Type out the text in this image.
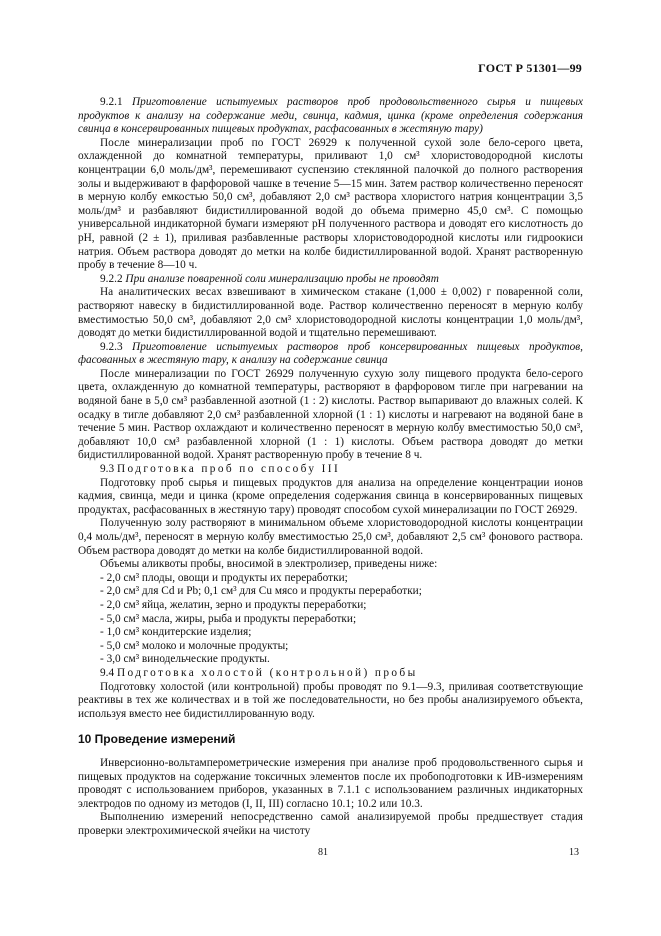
ГОСТ Р 51301—99

9.2.1 Приготовление испытуемых растворов проб продовольственного сырья и пищевых продуктов к анализу на содержание меди, свинца, кадмия, цинка (кроме определения содержания свинца в консервированных пищевых продуктах, расфасованных в жестяную тару)

После минерализации проб по ГОСТ 26929 к полученной сухой золе бело-серого цвета, охлажденной до комнатной температуры, приливают 1,0 см³ хлористоводородной кислоты концентрации 6,0 моль/дм³, перемешивают суспензию стеклянной палочкой до полного растворения золы и выдерживают в фарфоровой чашке в течение 5—15 мин. Затем раствор количественно переносят в мерную колбу емкостью 50,0 см³, добавляют 2,0 см³ раствора хлористого натрия концентрации 3,5 моль/дм³ и разбавляют бидистиллированной водой до объема примерно 45,0 см³. С помощью универсальной индикаторной бумаги измеряют pH полученного раствора и доводят его кислотность до pH, равной (2 ± 1), приливая разбавленные растворы хлористоводородной кислоты или гидроокиси натрия. Объем раствора доводят до метки на колбе бидистиллированной водой. Хранят растворенную пробу в течение 8—10 ч.

9.2.2 При анализе поваренной соли минерализацию пробы не проводят

На аналитических весах взвешивают в химическом стакане (1,000 ± 0,002) г поваренной соли, растворяют навеску в бидистиллированной воде. Раствор количественно переносят в мерную колбу вместимостью 50,0 см³, добавляют 2,0 см³ хлористоводородной кислоты концентрации 1,0 моль/дм³, доводят до метки бидистиллированной водой и тщательно перемешивают.

9.2.3 Приготовление испытуемых растворов проб консервированных пищевых продуктов, фасованных в жестяную тару, к анализу на содержание свинца

После минерализации по ГОСТ 26929 полученную сухую золу пищевого продукта бело-серого цвета, охлажденную до комнатной температуры, растворяют в фарфоровом тигле при нагревании на водяной бане в 5,0 см³ разбавленной азотной (1 : 2) кислоты. Раствор выпаривают до влажных солей. К осадку в тигле добавляют 2,0 см³ разбавленной хлорной (1 : 1) кислоты и нагревают на водяной бане в течение 5 мин. Раствор охлаждают и количественно переносят в мерную колбу вместимостью 50,0 см³, добавляют 10,0 см³ разбавленной хлорной (1 : 1) кислоты. Объем раствора доводят до метки бидистиллированной водой. Хранят растворенную пробу в течение 8 ч.

9.3 Подготовка проб по способу III

Подготовку проб сырья и пищевых продуктов для анализа на определение концентрации ионов кадмия, свинца, меди и цинка (кроме определения содержания свинца в консервированных пищевых продуктах, расфасованных в жестяную тару) проводят способом сухой минерализации по ГОСТ 26929.

Полученную золу растворяют в минимальном объеме хлористоводородной кислоты концентрации 0,4 моль/дм³, переносят в мерную колбу вместимостью 25,0 см³, добавляют 2,5 см³ фонового раствора. Объем раствора доводят до метки на колбе бидистиллированной водой.

Объемы аликвоты пробы, вносимой в электролизер, приведены ниже:

- 2,0 см³ плоды, овощи и продукты их переработки;
- 2,0 см³ для Cd и Pb; 0,1 см³ для Cu мясо и продукты переработки;
- 2,0 см³ яйца, желатин, зерно и продукты переработки;
- 5,0 см³ масла, жиры, рыба и продукты переработки;
- 1,0 см³ кондитерские изделия;
- 5,0 см³ молоко и молочные продукты;
- 3,0 см³ винодельческие продукты.

9.4 Подготовка холостой (контрольной) пробы

Подготовку холостой (или контрольной) пробы проводят по 9.1—9.3, приливая соответствующие реактивы в тех же количествах и в той же последовательности, но без пробы анализируемого объекта, используя вместо нее бидистиллированную воду.

10 Проведение измерений

Инверсионно-вольтамперометрические измерения при анализе проб продовольственного сырья и пищевых продуктов на содержание токсичных элементов после их пробоподготовки к ИВ-измерениям проводят с использованием приборов, указанных в 7.1.1 с использованием различных индикаторных электродов по одному из методов (I, II, III) согласно 10.1; 10.2 или 10.3.

Выполнению измерений непосредственно самой анализируемой пробы предшествует стадия проверки электрохимической ячейки на чистоту

81	13
